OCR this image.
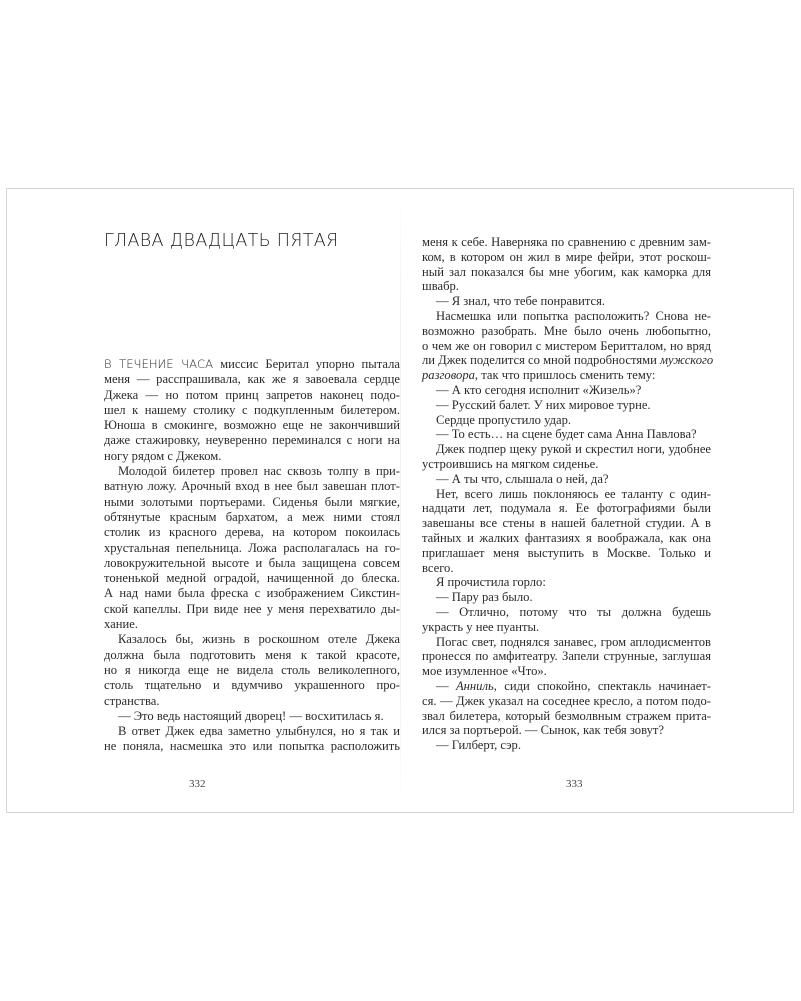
ГЛАВА ДВАДЦАТЬ ПЯТАЯ
В ТЕЧЕНИЕ ЧАСА миссис Беритал упорно пытала
меня — расспрашивала, как же я завоевала сердце
Джека — но потом принц запретов наконец подо-
шел к нашему столику с подкупленным билетером.
Юноша в смокинге, возможно еще не закончивший
даже стажировку, неуверенно переминался с ноги на
ногу рядом с Джеком.
Молодой билетер провел нас сквозь толпу в при-
ватную ложу. Арочный вход в нее был завешан плот-
ными золотыми портьерами. Сиденья были мягкие,
обтянутые красным бархатом, а меж ними стоял
столик из красного дерева, на котором покоилась
хрустальная пепельница. Ложа располагалась на го-
ловокружительной высоте и была защищена совсем
тоненькой медной оградой, начищенной до блеска.
А над нами была фреска с изображением Сикстин-
ской капеллы. При виде нее у меня перехватило ды-
хание.
Казалось бы, жизнь в роскошном отеле Джека
должна была подготовить меня к такой красоте,
но я никогда еще не видела столь великолепного,
столь тщательно и вдумчиво украшенного про-
странства.
— Это ведь настоящий дворец! — восхитилась я.
В ответ Джек едва заметно улыбнулся, но я так и
не поняла, насмешка это или попытка расположить
меня к себе. Наверняка по сравнению с древним зам-
ком, в котором он жил в мире фейри, этот роскош-
ный зал показался бы мне убогим, как каморка для
швабр.
— Я знал, что тебе понравится.
Насмешка или попытка расположить? Снова не-
возможно разобрать. Мне было очень любопытно,
о чем же он говорил с мистером Беритталом, но вряд
ли Джек поделится со мной подробностями мужского
разговора, так что пришлось сменить тему:
— А кто сегодня исполнит «Жизель»?
— Русский балет. У них мировое турне.
Сердце пропустило удар.
— То есть… на сцене будет сама Анна Павлова?
Джек подпер щеку рукой и скрестил ноги, удобнее
устроившись на мягком сиденье.
— А ты что, слышала о ней, да?
Нет, всего лишь поклоняюсь ее таланту с один-
надцати лет, подумала я. Ее фотографиями были
завешаны все стены в нашей балетной студии. А в
тайных и жалких фантазиях я воображала, как она
приглашает меня выступить в Москве. Только и
всего.
Я прочистила горло:
— Пару раз было.
— Отлично, потому что ты должна будешь
украсть у нее пуанты.
Погас свет, поднялся занавес, гром аплодисментов
пронесся по амфитеатру. Запели струнные, заглушая
мое изумленное «Что».
— Анниль, сиди спокойно, спектакль начинает-
ся. — Джек указал на соседнее кресло, а потом подо-
звал билетера, который безмолвным стражем прита-
ился за портьерой. — Сынок, как тебя зовут?
— Гилберт, сэр.
332	333
